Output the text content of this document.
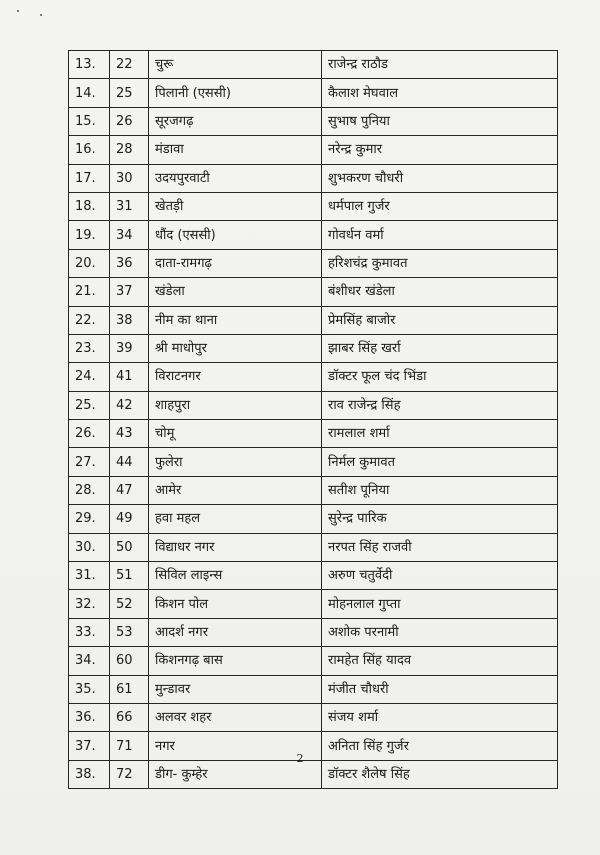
13.	22	चुरू	राजेन्द्र राठौड
14.	25	पिलानी (एससी)	कैलाश मेघवाल
15.	26	सूरजगढ़	सुभाष पुनिया
16.	28	मंडावा	नरेन्द्र कुमार
17.	30	उदयपुरवाटी	शुभकरण चौधरी
18.	31	खेतड़ी	धर्मपाल गुर्जर
19.	34	धौंद (एससी)	गोवर्धन वर्मा
20.	36	दाता-रामगढ़	हरिशचंद्र कुमावत
21.	37	खंडेला	बंशीधर खंडेला
22.	38	नीम का थाना	प्रेमसिंह बाजोर
23.	39	श्री माधोपुर	झाबर सिंह खर्रा
24.	41	विराटनगर	डॉक्टर फूल चंद भिंडा
25.	42	शाहपुरा	राव राजेन्द्र सिंह
26.	43	चोमू	रामलाल शर्मा
27.	44	फुलेरा	निर्मल कुमावत
28.	47	आमेर	सतीश पूनिया
29.	49	हवा महल	सुरेन्द्र पारिक
30.	50	विद्याधर नगर	नरपत सिंह राजवी
31.	51	सिविल लाइन्स	अरुण चतुर्वेदी
32.	52	किशन पोल	मोहनलाल गुप्ता
33.	53	आदर्श नगर	अशोक परनामी
34.	60	किशनगढ़ बास	रामहेत सिंह यादव
35.	61	मुन्डावर	मंजीत चौधरी
36.	66	अलवर शहर	संजय शर्मा
37.	71	नगर	अनिता सिंह गुर्जर
38.	72	डीग- कुम्हेर	डॉक्टर शैलेष सिंह
2
